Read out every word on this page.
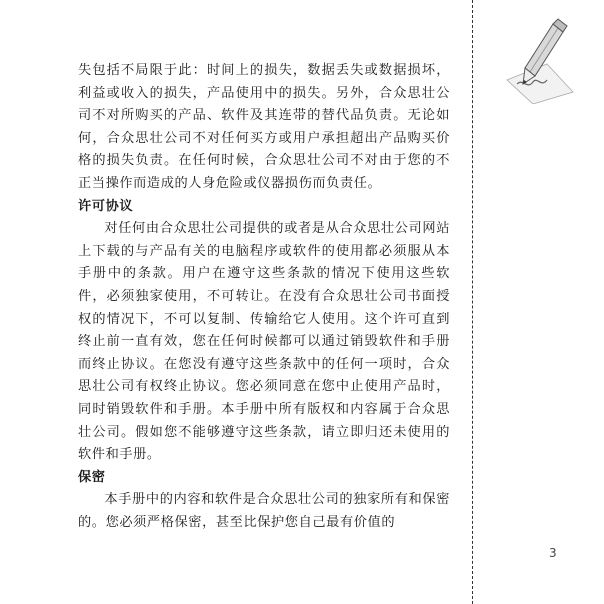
失包括不局限于此：时间上的损失，数据丢失或数据损坏，利益或收入的损失，产品使用中的损失。另外，合众思壮公司不对所购买的产品、软件及其连带的替代品负责。无论如何，合众思壮公司不对任何买方或用户承担超出产品购买价格的损失负责。在任何时候，合众思壮公司不对由于您的不正当操作而造成的人身危险或仪器损伤而负责任。

许可协议

对任何由合众思壮公司提供的或者是从合众思壮公司网站上下载的与产品有关的电脑程序或软件的使用都必须服从本手册中的条款。用户在遵守这些条款的情况下使用这些软件，必须独家使用，不可转让。在没有合众思壮公司书面授权的情况下，不可以复制、传输给它人使用。这个许可直到终止前一直有效，您在任何时候都可以通过销毁软件和手册而终止协议。在您没有遵守这些条款中的任何一项时，合众思壮公司有权终止协议。您必须同意在您中止使用产品时，同时销毁软件和手册。本手册中所有版权和内容属于合众思壮公司。假如您不能够遵守这些条款，请立即归还未使用的软件和手册。

保密

本手册中的内容和软件是合众思壮公司的独家所有和保密的。您必须严格保密，甚至比保护您自己最有价值的

3
